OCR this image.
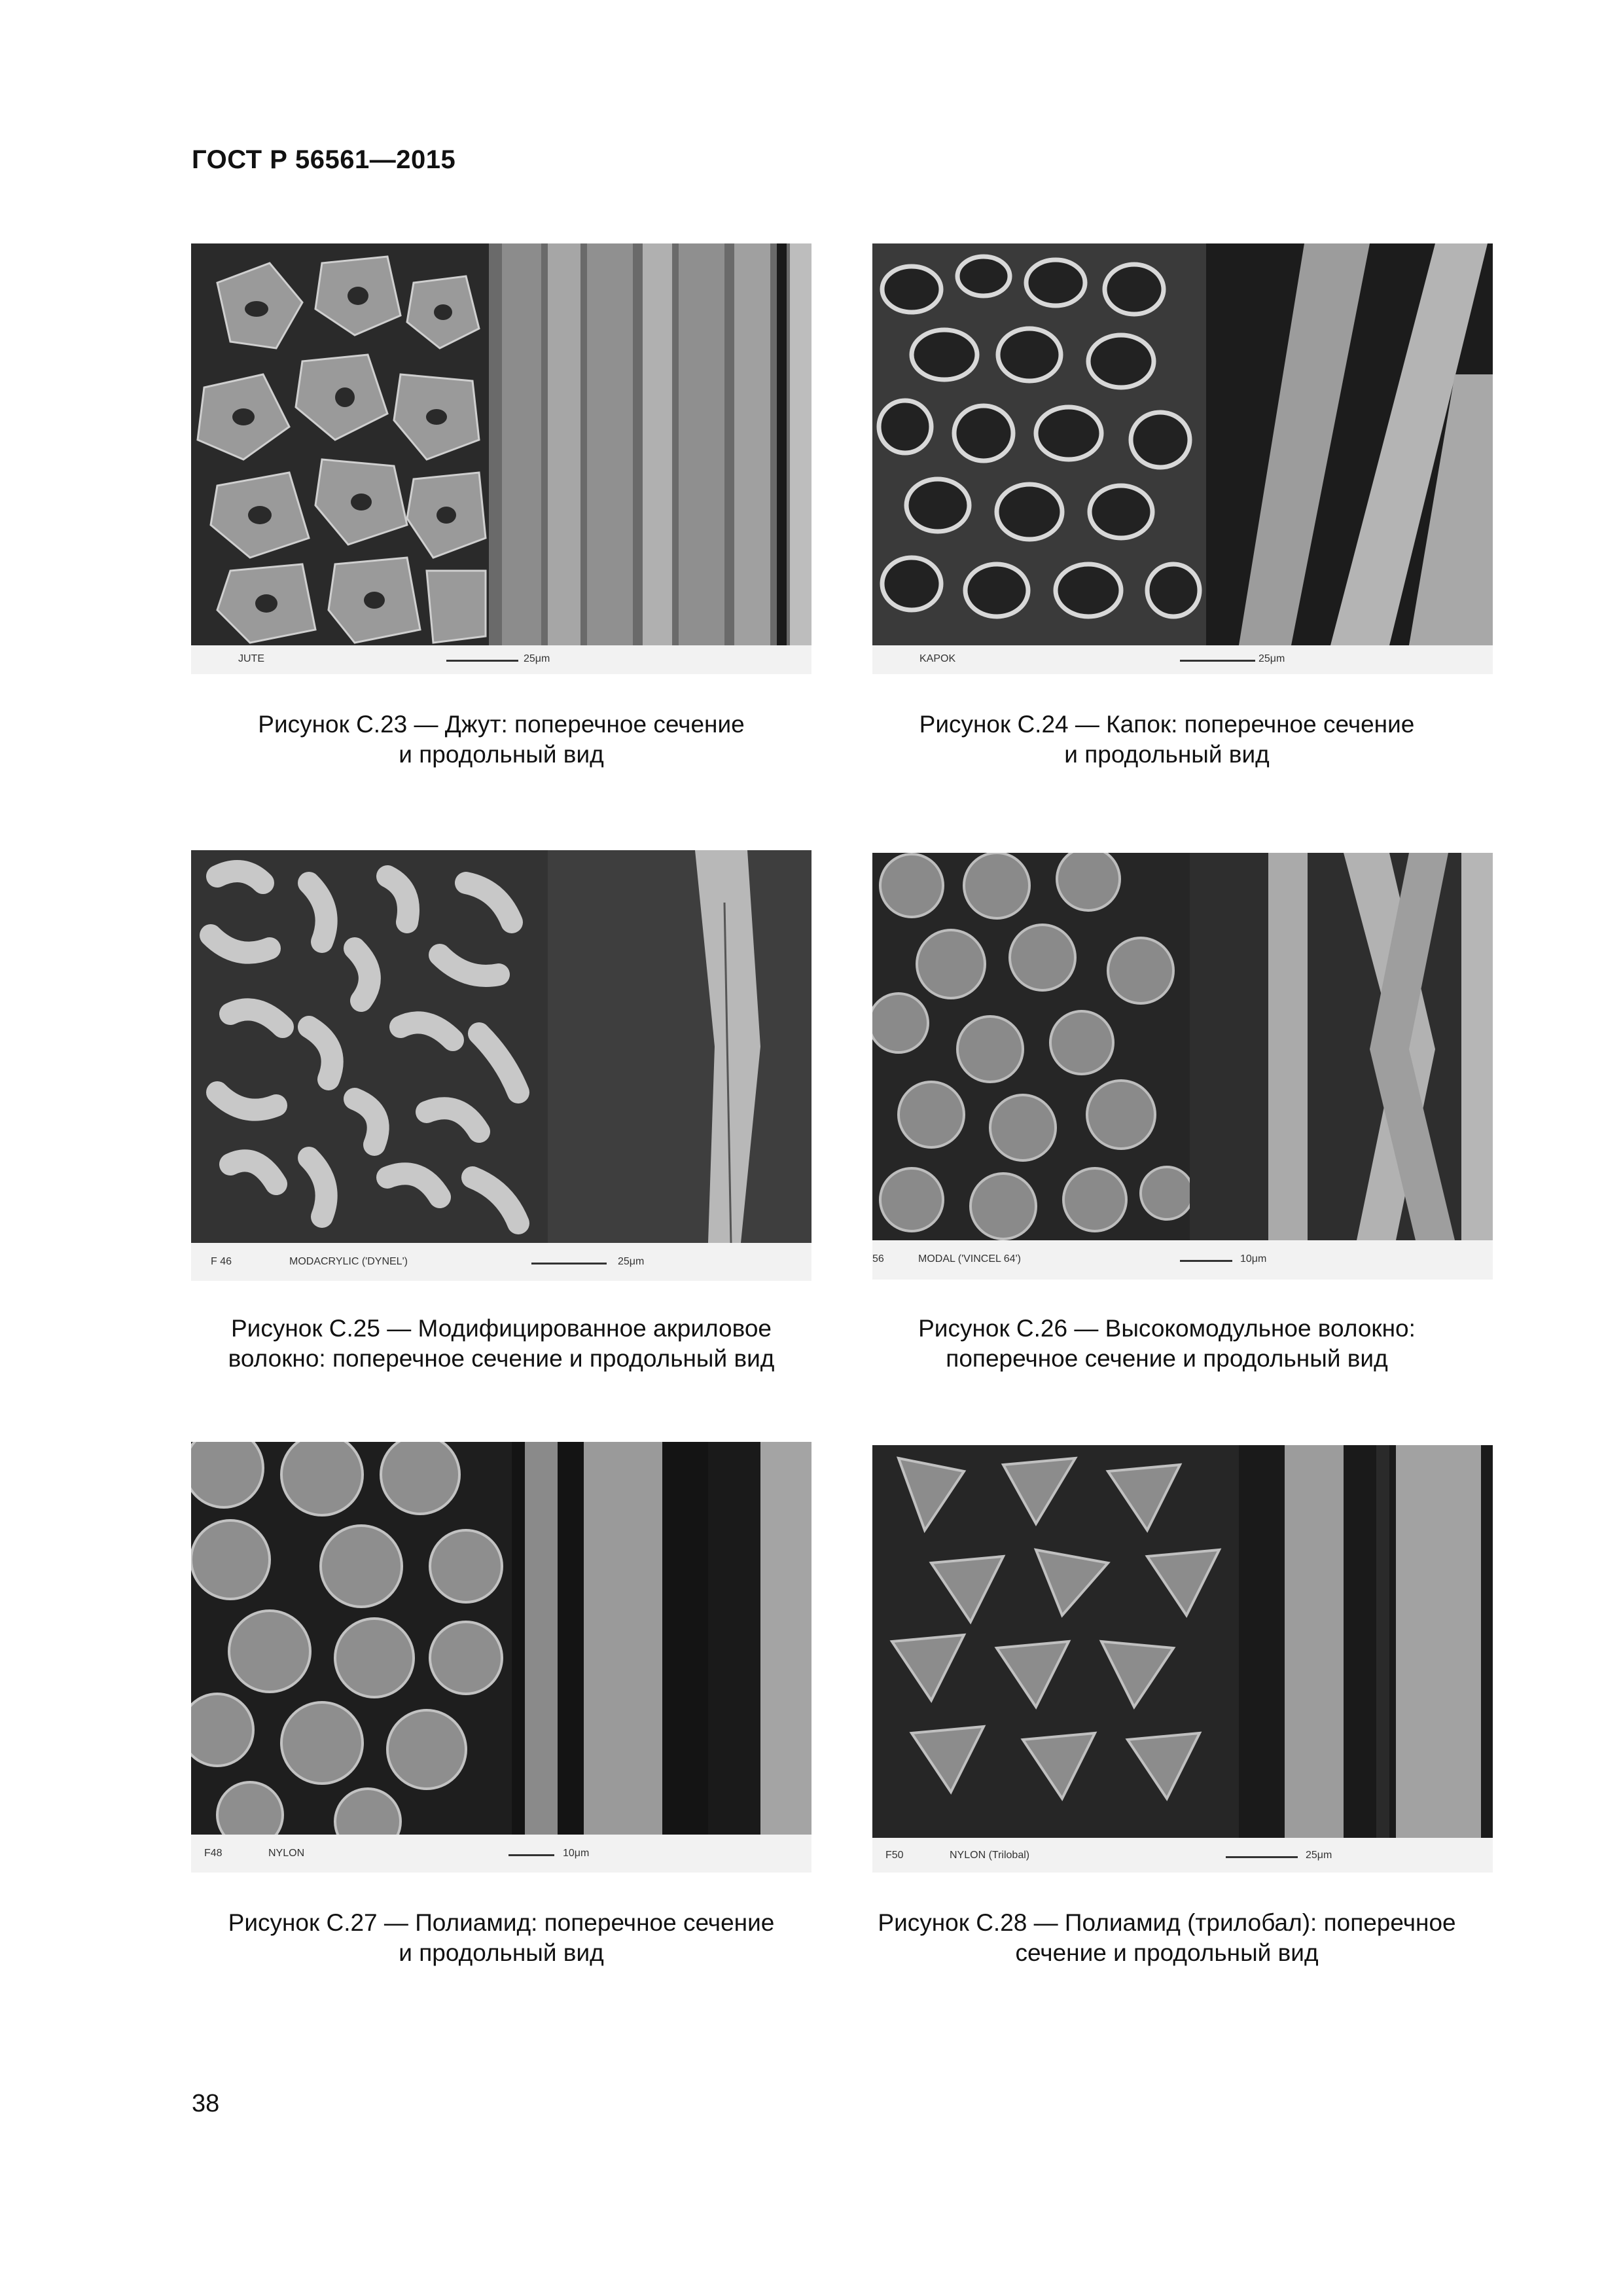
ГОСТ Р 56561—2015
JUTE	25μm
Рисунок С.23 — Джут: поперечное сечение
и продольный вид
KAPOK	25μm
Рисунок С.24 — Капок: поперечное сечение
и продольный вид
F 46	MODACRYLIC ('DYNEL')	25μm
Рисунок С.25 — Модифицированное акриловое
волокно: поперечное сечение и продольный вид
56	MODAL ('VINCEL 64')	10μm
Рисунок С.26 — Высокомодульное волокно:
поперечное сечение и продольный вид
F48	NYLON	10μm
Рисунок С.27 — Полиамид: поперечное сечение
и продольный вид
F50	NYLON (Trilobal)	25μm
Рисунок С.28 — Полиамид (трилобал): поперечное
сечение и продольный вид
38
